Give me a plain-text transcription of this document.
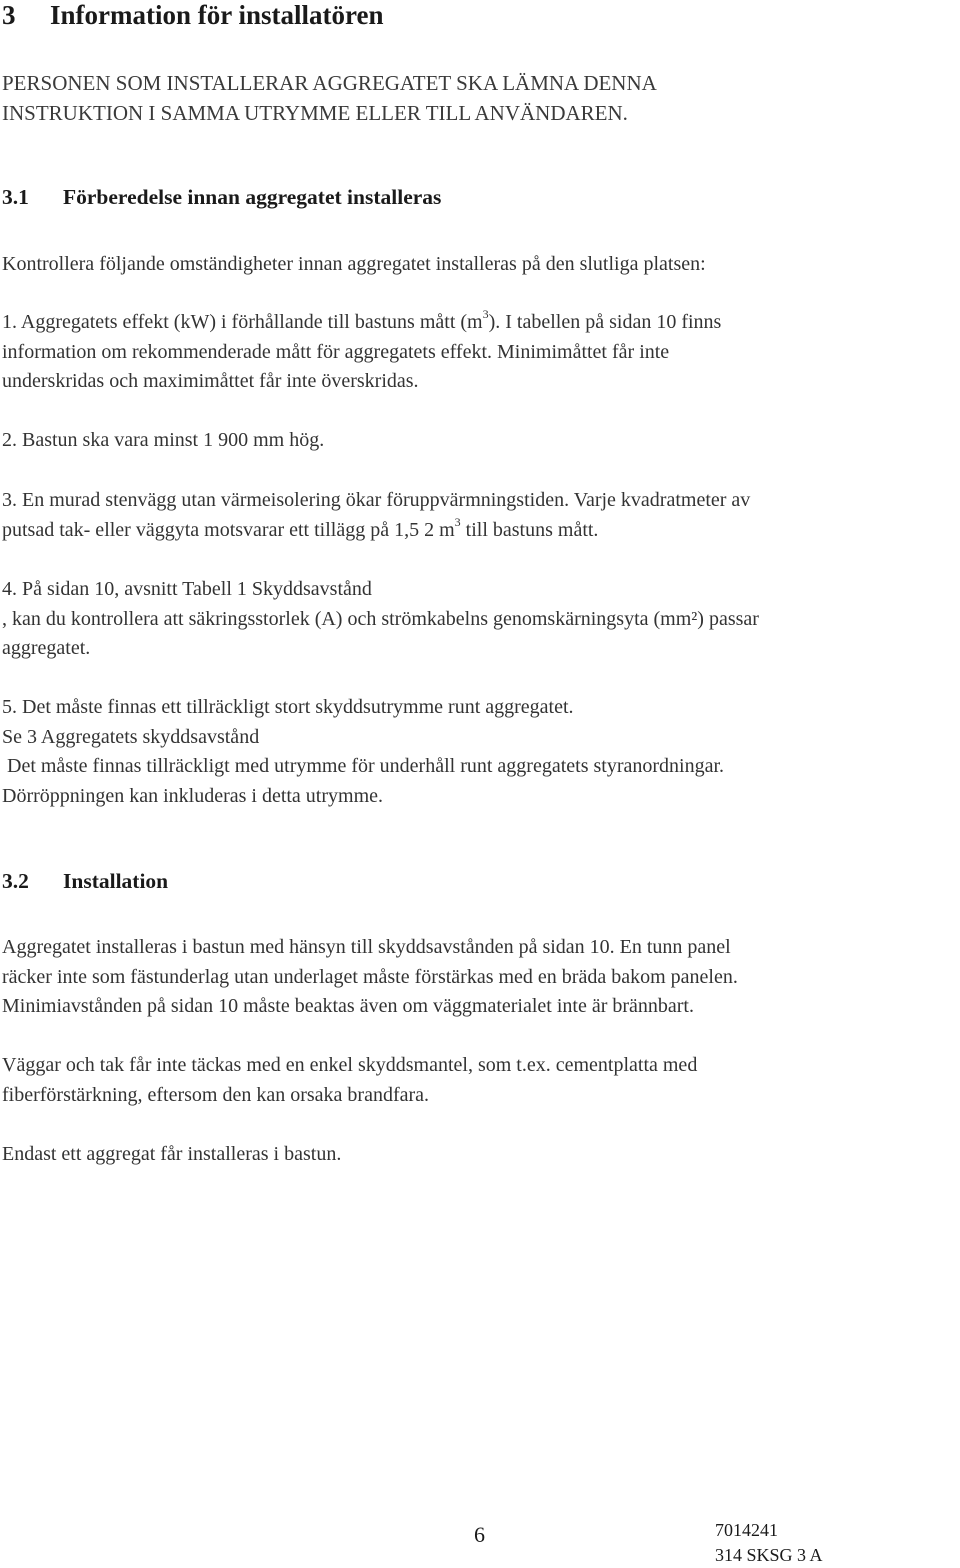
3 Information för installatören
PERSONEN SOM INSTALLERAR AGGREGATET SKA LÄMNA DENNA
INSTRUKTION I SAMMA UTRYMME ELLER TILL ANVÄNDAREN.
3.1 Förberedelse innan aggregatet installeras

Kontrollera följande omständigheter innan aggregatet installeras på den slutliga platsen:

1. Aggregatets effekt (kW) i förhållande till bastuns mått $(m^3)$. I tabellen på sidan 10 finns
information om rekommenderade mått för aggregatets effekt. Minimimåttet får inte
underskridas och maximimåttet får inte överskridas.

2. Bastun ska vara minst 1 900 mm hög.

3. En murad stenvägg utan värmeisolering ökar föruppvärmningstiden. Varje kvadratmeter av
putsad tak- eller väggyta motsvarar ett tillägg på 1,5 2 $m^3$ till bastuns mått.
4. På sidan 10, avsnitt Tabell 1 Skyddsavstånd
, kan du kontrollera att säkringsstorlek (A) och strömkabelns genomskärningsyta (mm²) passar
aggregatet.
5. Det måste finnas ett tillräckligt stort skyddsutrymme runt aggregatet.
Se 3 Aggregatets skyddsavstånd
Det måste finnas tillräckligt med utrymme för underhåll runt aggregatets styranordningar.
Dörröppningen kan inkluderas i detta utrymme.
3.2 Installation
Aggregatet installeras i bastun med hänsyn till skyddsavstånden på sidan 10. En tunn panel
räcker inte som fästunderlag utan underlaget måste förstärkas med en bräda bakom panelen.
Minimiavstånden på sidan 10 måste beaktas även om väggmaterialet inte är brännbart.
Väggar och tak får inte täckas med en enkel skyddsmantel, som t.ex. cementplatta med
fiberförstärkning, eftersom den kan orsaka brandfara.

Endast ett aggregat får installeras i bastun.

6	7014241
314 SKSG 3 A
